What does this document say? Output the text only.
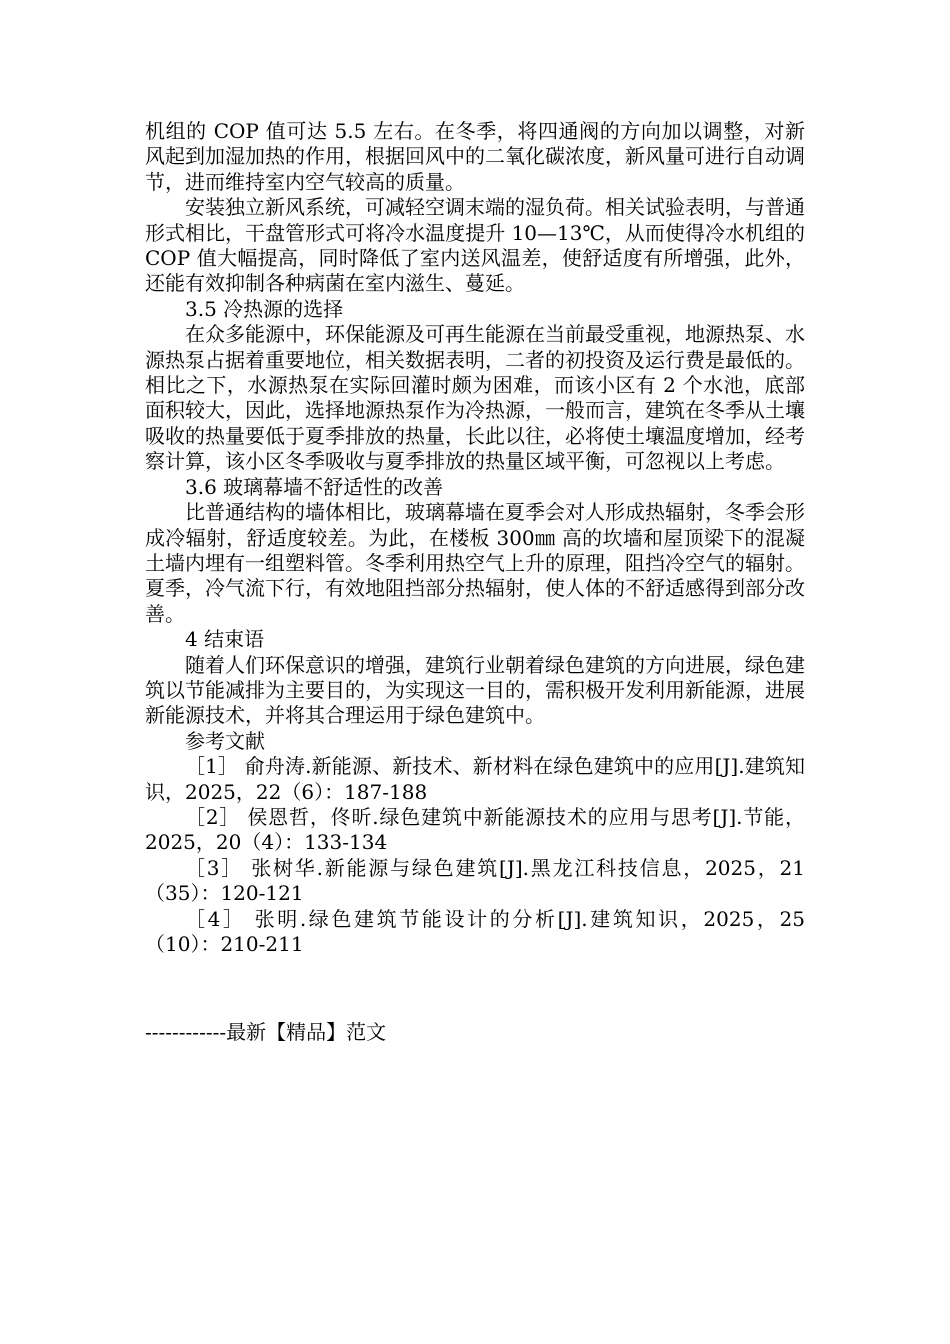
机组的 COP 值可达 5.5 左右。在冬季，将四通阀的方向加以调整，对新风起到加湿加热的作用，根据回风中的二氧化碳浓度，新风量可进行自动调节，进而维持室内空气较高的质量。

安装独立新风系统，可减轻空调末端的湿负荷。相关试验表明，与普通形式相比，干盘管形式可将冷水温度提升 10—13℃，从而使得冷水机组的 COP 值大幅提高，同时降低了室内送风温差，使舒适度有所增强，此外，还能有效抑制各种病菌在室内滋生、蔓延。

3.5 冷热源的选择

在众多能源中，环保能源及可再生能源在当前最受重视，地源热泵、水源热泵占据着重要地位，相关数据表明，二者的初投资及运行费是最低的。相比之下，水源热泵在实际回灌时颇为困难，而该小区有 2 个水池，底部面积较大，因此，选择地源热泵作为冷热源，一般而言，建筑在冬季从土壤吸收的热量要低于夏季排放的热量，长此以往，必将使土壤温度增加，经考察计算，该小区冬季吸收与夏季排放的热量区域平衡，可忽视以上考虑。

3.6 玻璃幕墙不舒适性的改善

比普通结构的墙体相比，玻璃幕墙在夏季会对人形成热辐射，冬季会形成冷辐射，舒适度较差。为此，在楼板 300㎜ 高的坎墙和屋顶梁下的混凝土墙内埋有一组塑料管。冬季利用热空气上升的原理，阻挡冷空气的辐射。夏季，冷气流下行，有效地阻挡部分热辐射，使人体的不舒适感得到部分改善。

4 结束语

随着人们环保意识的增强，建筑行业朝着绿色建筑的方向进展，绿色建筑以节能减排为主要目的，为实现这一目的，需积极开发利用新能源，进展新能源技术，并将其合理运用于绿色建筑中。

参考文献

［1］ 俞舟涛.新能源、新技术、新材料在绿色建筑中的应用[J].建筑知识，2025，22（6）：187-188

［2］ 侯恩哲，佟昕.绿色建筑中新能源技术的应用与思考[J].节能，2025，20（4）：133-134

［3］ 张树华.新能源与绿色建筑[J].黑龙江科技信息，2025，21（35）：120-121

［4］ 张明.绿色建筑节能设计的分析[J].建筑知识，2025，25（10）：210-211

------------最新【精品】范文
